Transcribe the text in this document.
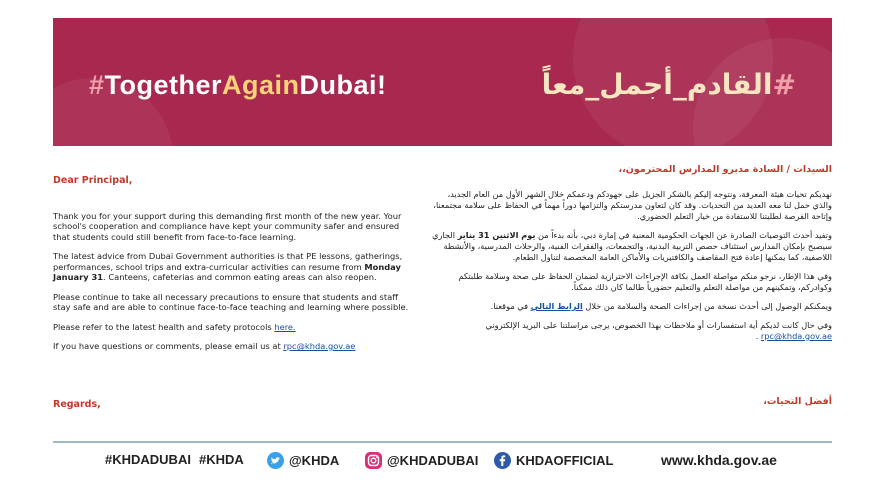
#TogetherAgainDubai!	#القادم_أجمل_معاً

Dear Principal,

Thank you for your support during this demanding first month of the new year. Your school's cooperation and compliance have kept your community safer and ensured that students could still benefit from face-to-face learning.

The latest advice from Dubai Government authorities is that PE lessons, gatherings, performances, school trips and extra-curricular activities can resume from Monday January 31. Canteens, cafeterias and common eating areas can also reopen.

Please continue to take all necessary precautions to ensure that students and staff stay safe and are able to continue face-to-face teaching and learning where possible.

Please refer to the latest health and safety protocols here.

If you have questions or comments, please email us at rpc@khda.gov.ae

Regards,

السيدات / السادة مديرو المدارس المحترمون،،

نهديكم تحيات هيئة المعرفة، ونتوجه إليكم بالشكر الجزيل على جهودكم ودعمكم خلال الشهر الأول من العام الجديد، والذي حمل لنا معه العديد من التحديات. وقد كان لتعاون مدرستكم والتزامها دوراً مهماً في الحفاظ على سلامة مجتمعنا، وإتاحة الفرصة لطلبتنا للاستفادة من خيار التعلم الحضوري.

وتفيد أحدث التوصيات الصادرة عن الجهات الحكومية المعنية في إمارة دبي، بأنه بدءاً من يوم الاثنين 31 يناير الجاري سيصبح بإمكان المدارس استئناف حصص التربية البدنية، والتجمعات، والفقرات الفنية، والرحلات المدرسية، والأنشطة اللاصفية، كما يمكنها إعادة فتح المقاصف والكافتيريات والأماكن العامة المخصصة لتناول الطعام.

وفي هذا الإطار، نرجو منكم مواصلة العمل بكافة الإجراءات الاحترازية لضمان الحفاظ على صحة وسلامة طلبتكم وكوادركم، وتمكينهم من مواصلة التعلم والتعليم حضورياً طالما كان ذلك ممكناً.

ويمكنكم الوصول إلى أحدث نسخة من إجراءات الصحة والسلامة من خلال الرابط التالي في موقعنا.

وفي حال كانت لديكم أية استفسارات أو ملاحظات بهذا الخصوص، يرجى مراسلتنا على البريد الإلكتروني
rpc@khda.gov.ae .

أفضل التحيات،
#KHDADUBAI #KHDA	@KHDA	@KHDADUBAI	KHDAOFFICIAL	www.khda.gov.ae
